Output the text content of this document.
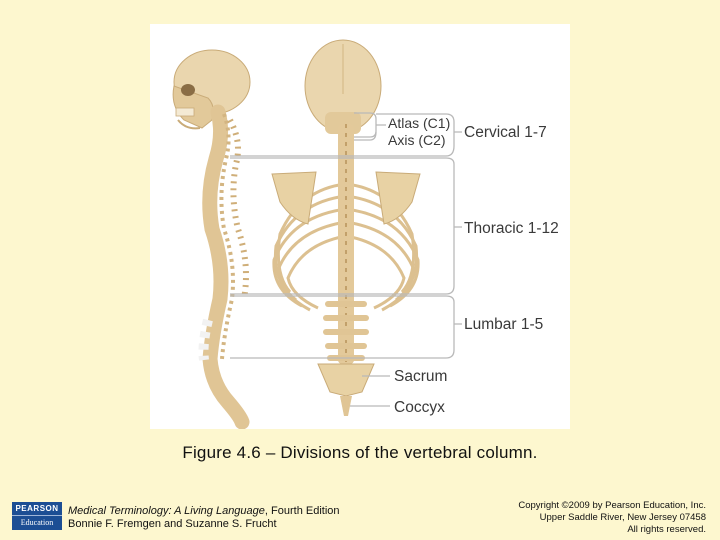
Atlas (C1)
Axis (C2) Cervical 1-7
Thoracic 1-12
Lumbar 1-5
Sacrum
Coccyx
Figure 4.6 – Divisions of the vertebral column.
PEARSON
Education
Medical Terminology: A Living Language, Fourth Edition
Bonnie F. Fremgen and Suzanne S. Frucht
Copyright ©2009 by Pearson Education, Inc.
Upper Saddle River, New Jersey 07458
All rights reserved.
